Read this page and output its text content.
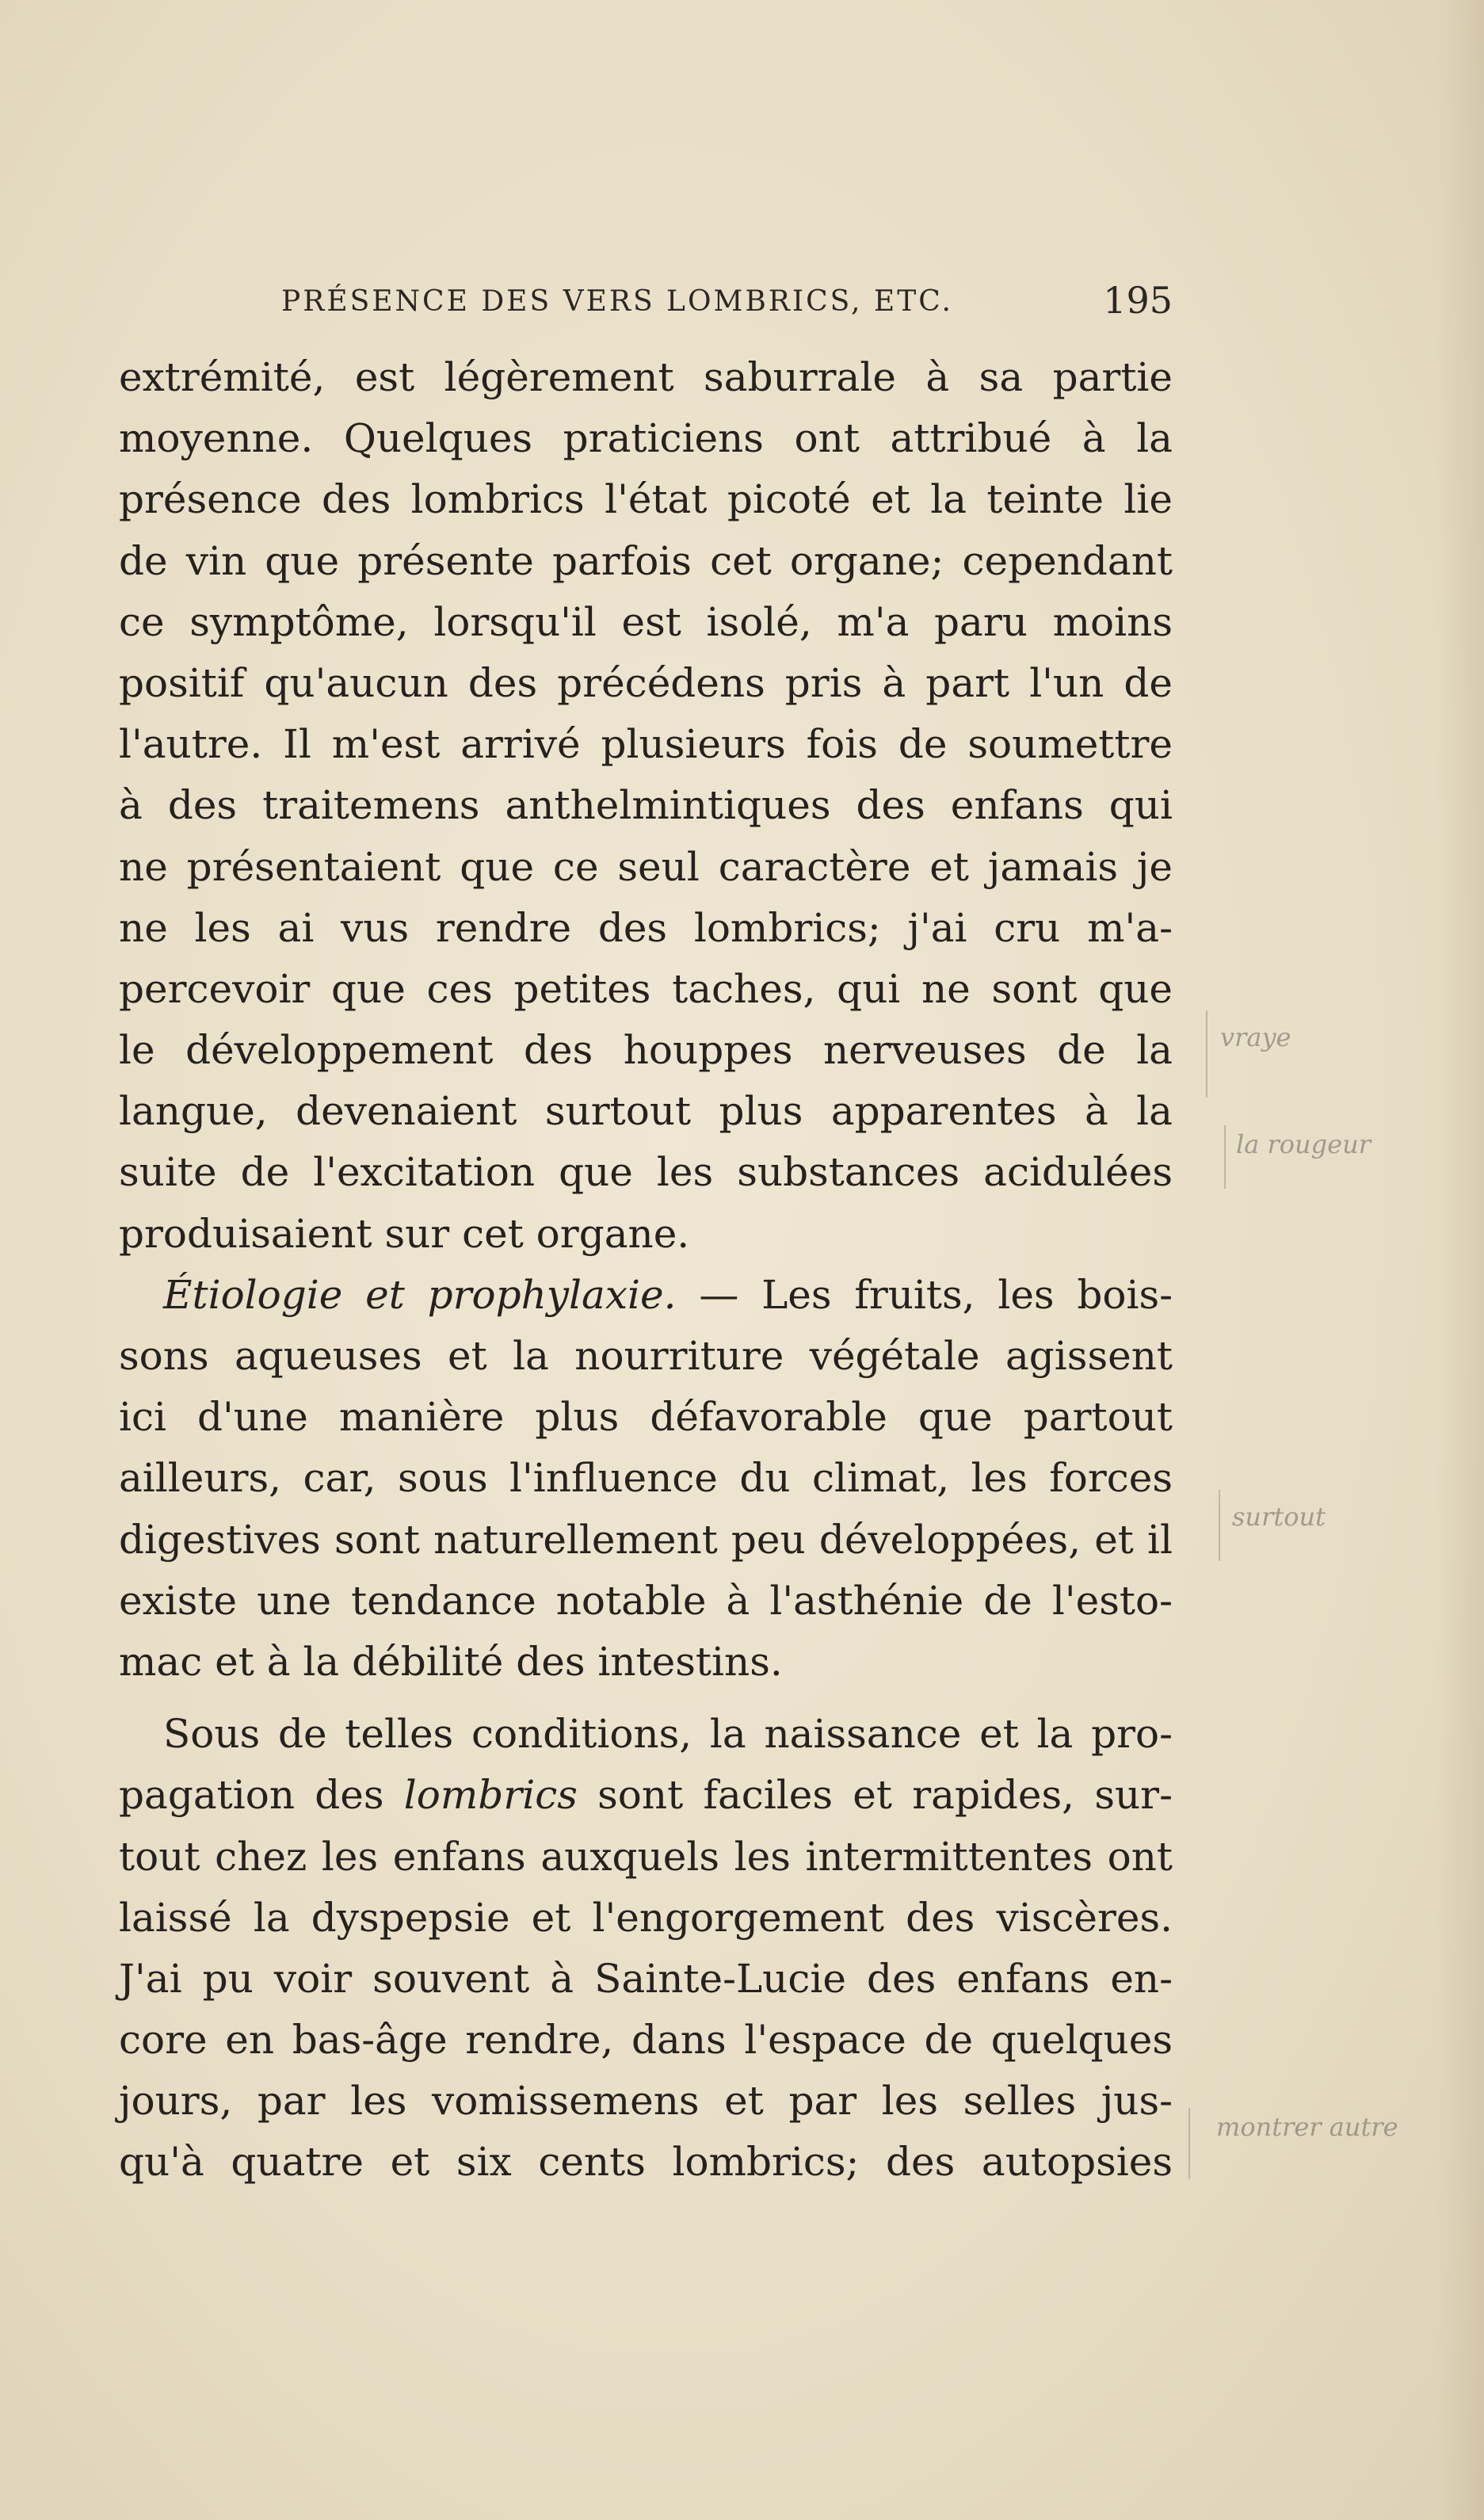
PRÉSENCE DES VERS LOMBRICS, ETC.	195
extrémité, est légèrement saburrale à sa partie
moyenne. Quelques praticiens ont attribué à la
présence des lombrics l'état picoté et la teinte lie
de vin que présente parfois cet organe; cependant
ce symptôme, lorsqu'il est isolé, m'a paru moins
positif qu'aucun des précédens pris à part l'un de
l'autre. Il m'est arrivé plusieurs fois de soumettre
à des traitemens anthelmintiques des enfans qui
ne présentaient que ce seul caractère et jamais je
ne les ai vus rendre des lombrics; j'ai cru m'a-
percevoir que ces petites taches, qui ne sont que
le développement des houppes nerveuses de la
langue, devenaient surtout plus apparentes à la
suite de l'excitation que les substances acidulées
produisaient sur cet organe.
Étiologie et prophylaxie. — Les fruits, les bois-
sons aqueuses et la nourriture végétale agissent
ici d'une manière plus défavorable que partout
ailleurs, car, sous l'influence du climat, les forces
digestives sont naturellement peu développées, et il
existe une tendance notable à l'asthénie de l'esto-
mac et à la débilité des intestins.
Sous de telles conditions, la naissance et la pro-
pagation des lombrics sont faciles et rapides, sur-
tout chez les enfans auxquels les intermittentes ont
laissé la dyspepsie et l'engorgement des viscères.
J'ai pu voir souvent à Sainte-Lucie des enfans en-
core en bas-âge rendre, dans l'espace de quelques
jours, par les vomissemens et par les selles jus-
qu'à quatre et six cents lombrics; des autopsies
vraye
la rougeur
surtout
montrer autre
